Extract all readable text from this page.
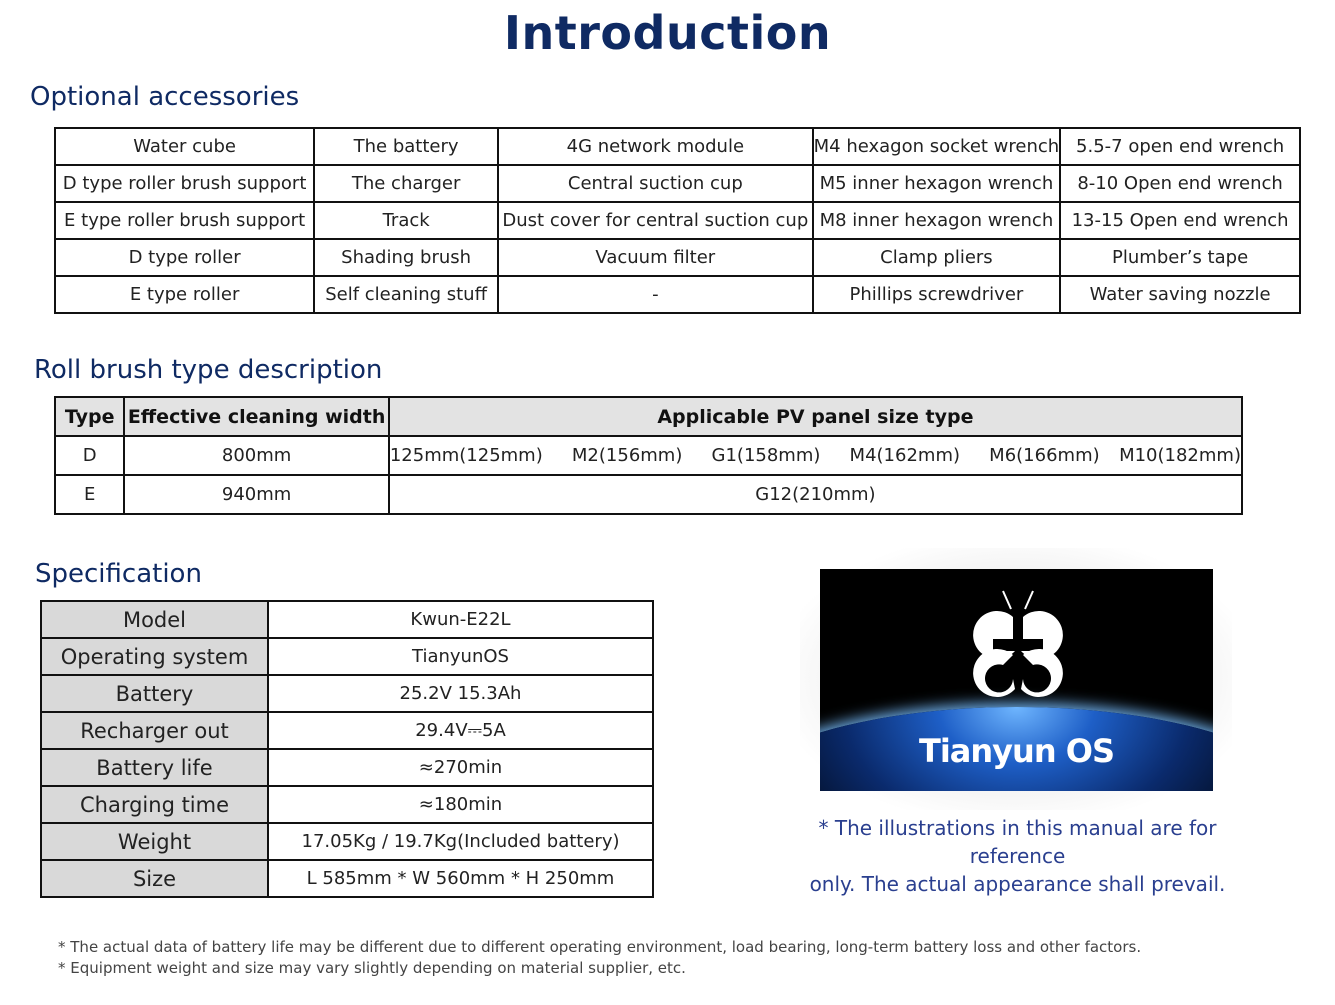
Introduction
Optional accessories
Water cube	The battery	4G network module	M4 hexagon socket wrench	5.5-7 open end wrench
D type roller brush support	The charger	Central suction cup	M5 inner hexagon wrench	8-10 Open end wrench
E type roller brush support	Track	Dust cover for central suction cup	M8 inner hexagon wrench	13-15 Open end wrench
D type roller	Shading brush	Vacuum filter	Clamp pliers	Plumber’s tape
E type roller	Self cleaning stuff	-	Phillips screwdriver	Water saving nozzle
Roll brush type description
Type	Effective cleaning width	Applicable PV panel size type
D	800mm	125mm(125mm)   M2(156mm)   G1(158mm)   M4(162mm)   M6(166mm)  M10(182mm)
E	940mm	G12(210mm)
Specification
Model	Kwun-E22L
Operating system	TianyunOS
Battery	25.2V 15.3Ah
Recharger out	29.4V⎓5A
Battery life	≈270min
Charging time	≈180min
Weight	17.05Kg / 19.7Kg(Included battery)
Size	L 585mm * W 560mm * H 250mm
Tianyun OS
* The illustrations in this manual are for reference
only. The actual appearance shall prevail.
* The actual data of battery life may be different due to different operating environment, load bearing, long-term battery loss and other factors.
* Equipment weight and size may vary slightly depending on material supplier, etc.
